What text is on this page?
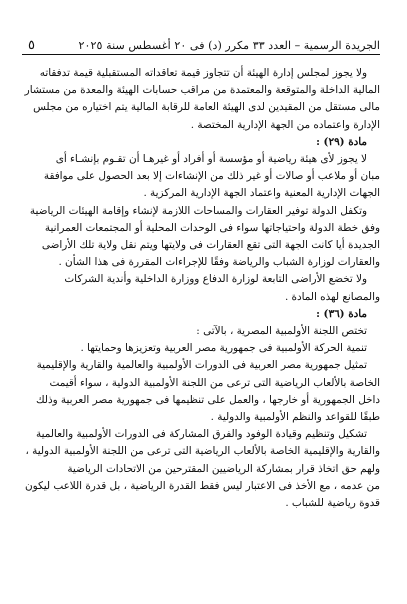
الجريدة الرسمية – العدد ٣٣ مكرر (د) فى ٢٠ أغسطس سنة ٢٠٢٥
٥

ولا يجوز لمجلس إدارة الهيئة أن تتجاوز قيمة تعاقداته المستقبلية قيمة تدفقاته

المالية الداخلة والمتوقعة والمعتمدة من مراقب حسابات الهيئة والمعدة من مستشار

مالى مستقل من المقيدين لدى الهيئة العامة للرقابة المالية يتم اختياره من مجلس

الإدارة واعتماده من الجهة الإدارية المختصة .

مادة (٢٩) :

لا يجوز لأى هيئة رياضية أو مؤسسة أو أفراد أو غيرهـا أن تقـوم بإنشـاء أى

مبان أو ملاعب أو صالات أو غير ذلك من الإنشاءات إلا بعد الحصول على موافقة

الجهات الإدارية المعنية واعتماد الجهة الإدارية المركزية .

وتكفل الدولة توفير العقارات والمساحات اللازمة لإنشاء وإقامة الهيئات الرياضية

وفق خطة الدولة واحتياجاتها سواء فى الوحدات المحلية أو المجتمعات العمرانية

الجديدة أيا كانت الجهة التى تقع العقارات فى ولايتها ويتم نقل ولاية تلك الأراضى

والعقارات لوزارة الشباب والرياضة وفقًا للإجراءات المقررة فى هذا الشأن .

ولا تخضع الأراضى التابعة لوزارة الدفاع ووزارة الداخلية وأندية الشركات

والمصانع لهذه المادة .

مادة (٣٦) :

تختص اللجنة الأولمبية المصرية ، بالآتى :

تنمية الحركة الأولمبية فى جمهورية مصر العربية وتعزيزها وحمايتها .

تمثيل جمهورية مصر العربية فى الدورات الأولمبية والعالمية والقارية والإقليمية

الخاصة بالألعاب الرياضية التى ترعى من اللجنة الأولمبية الدولية ، سواء أقيمت

داخل الجمهورية أو خارجها ، والعمل على تنظيمها فى جمهورية مصر العربية وذلك

طبقًا للقواعد والنظم الأولمبية والدولية .

تشكيل وتنظيم وقيادة الوفود والفرق المشاركة فى الدورات الأولمبية والعالمية

والقارية والإقليمية الخاصة بالألعاب الرياضية التى ترعى من اللجنة الأولمبية الدولية ،

ولهم حق اتخاذ قرار بمشاركة الرياضيين المقترحين من الاتحادات الرياضية

من عدمه ، مع الأخذ فى الاعتبار ليس فقط القدرة الرياضية ، بل قدرة اللاعب ليكون

قدوة رياضية للشباب .
